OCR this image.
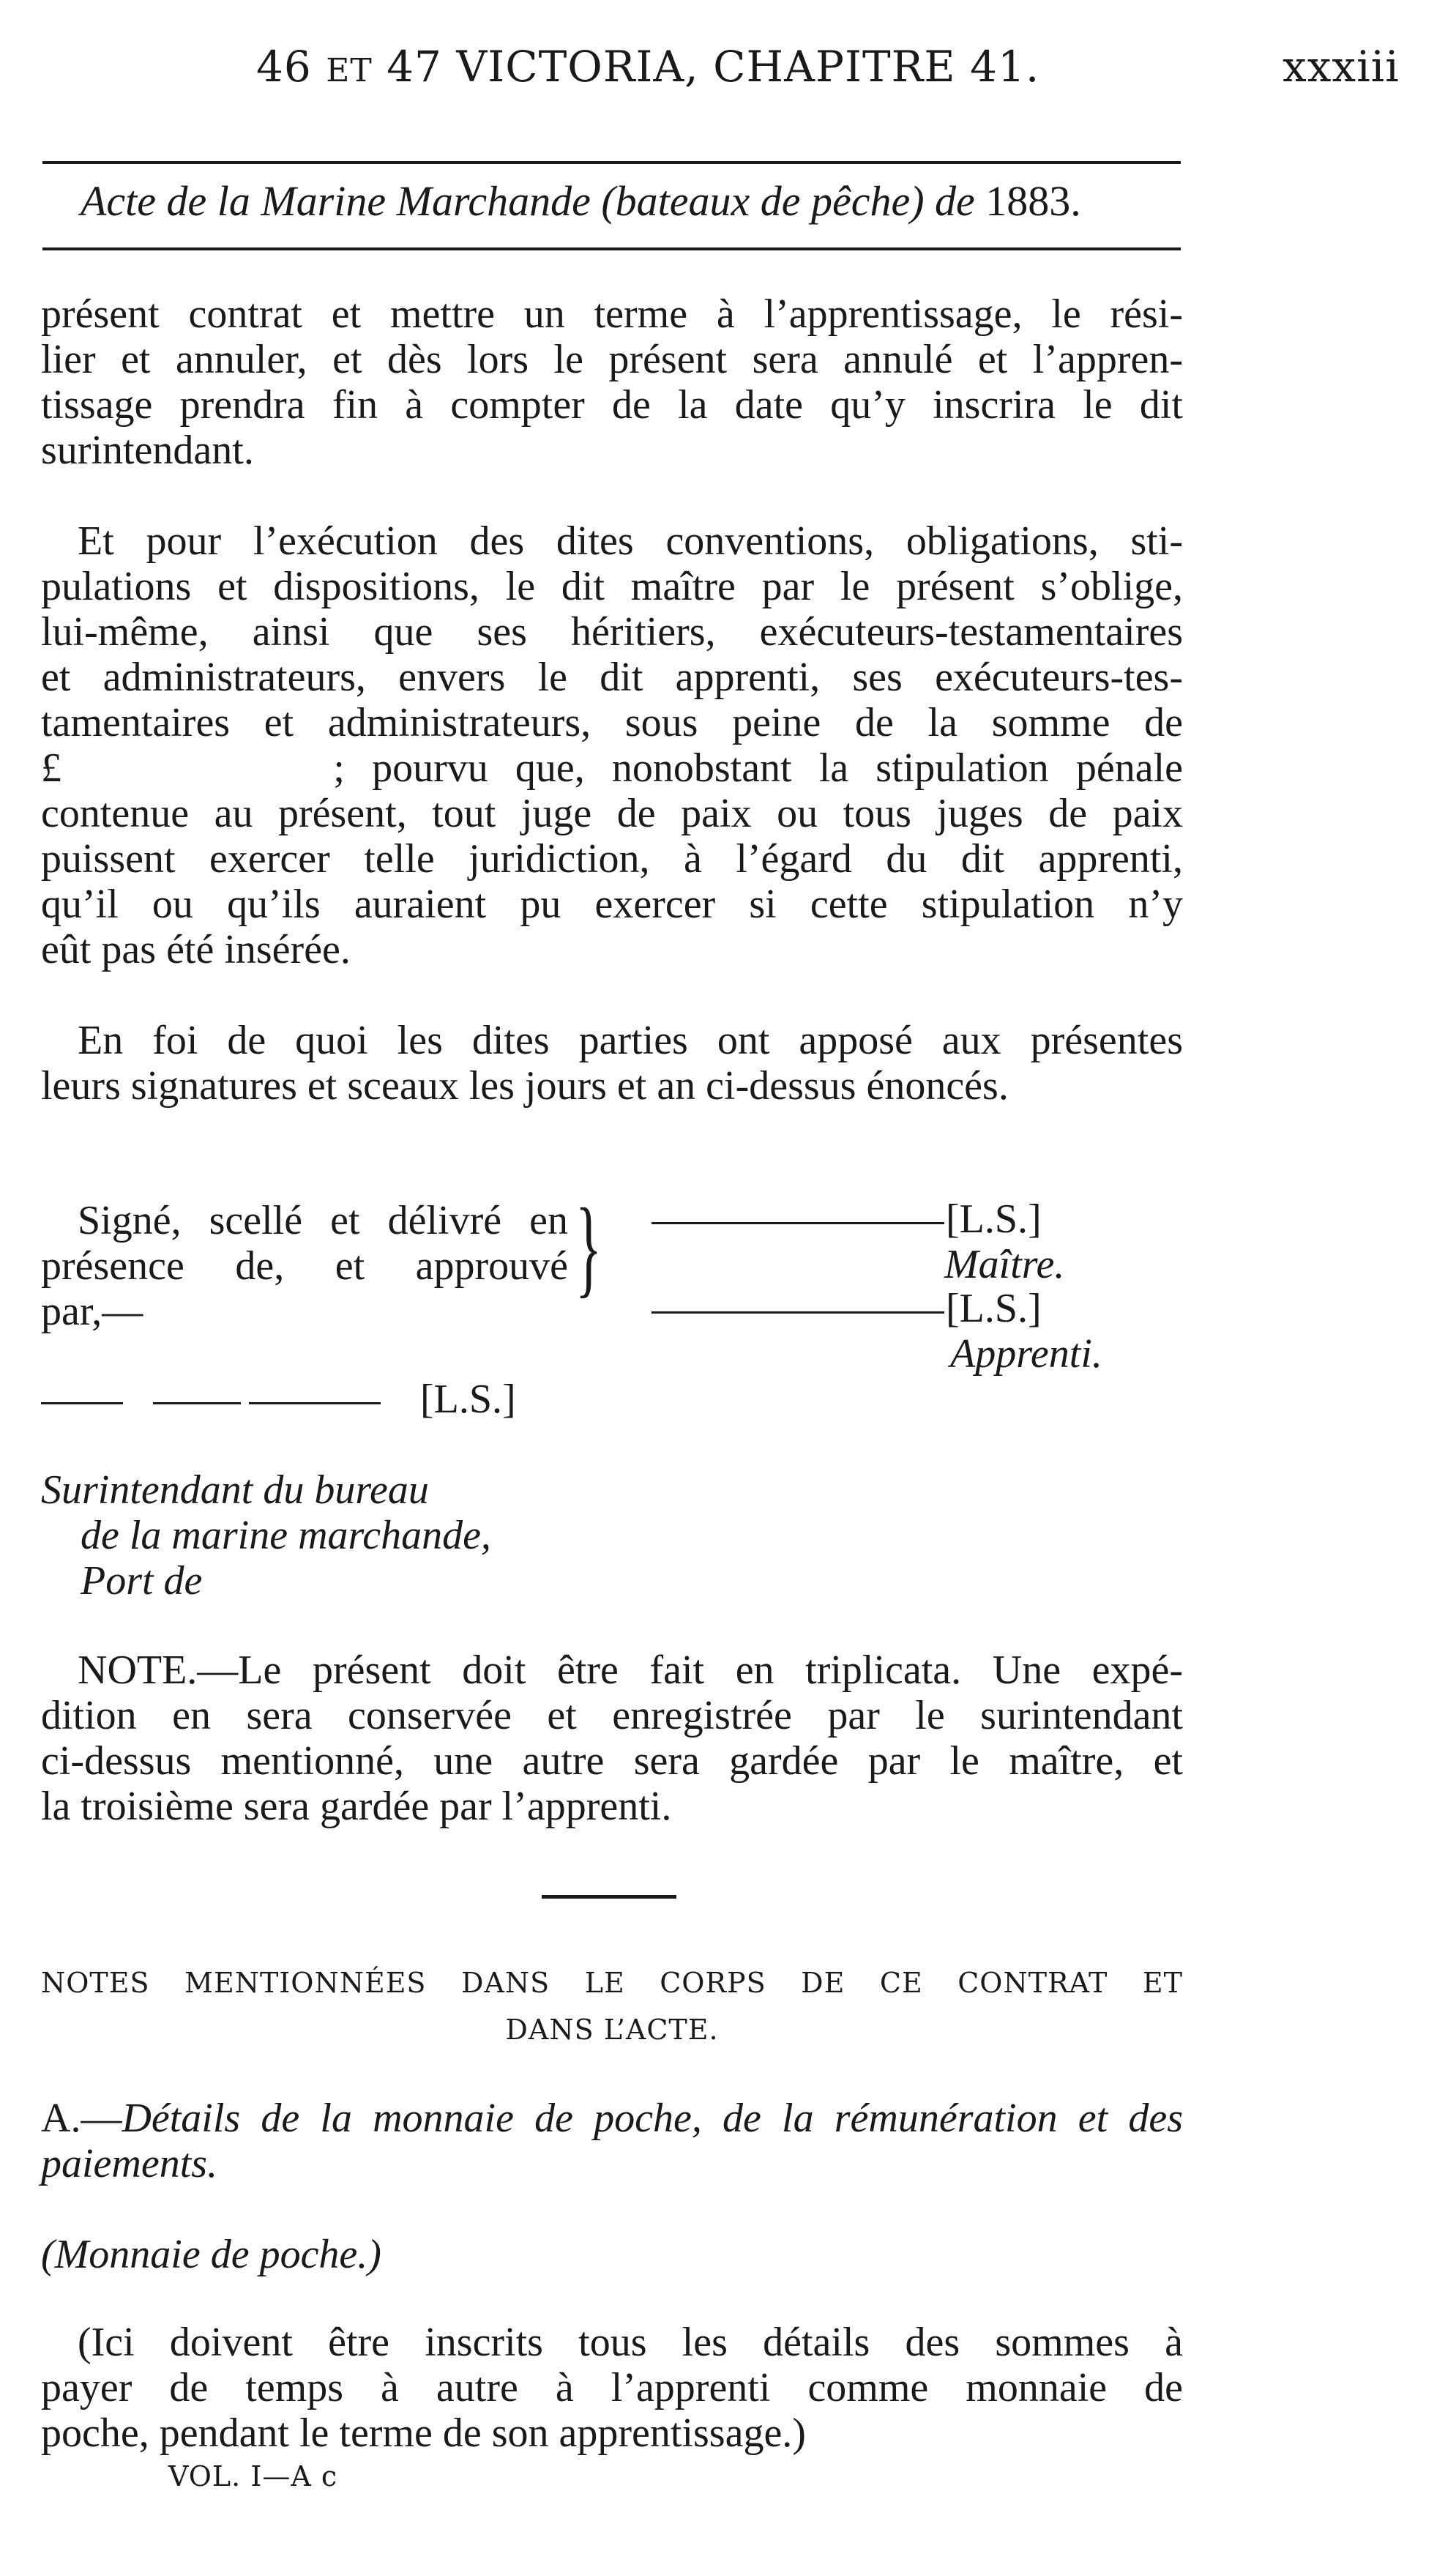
46 ET 47 VICTORIA, CHAPITRE 41.	xxxiii
Acte de la Marine Marchande (bateaux de pêche) de 1883.
présent contrat et mettre un terme à l’apprentissage, le rési-
lier et annuler, et dès lors le présent sera annulé et l’appren-
tissage prendra fin à compter de la date qu’y inscrira le dit
surintendant.
Et pour l’exécution des dites conventions, obligations, sti-
pulations et dispositions, le dit maître par le présent s’oblige,
lui-même, ainsi que ses héritiers, exécuteurs-testamentaires
et administrateurs, envers le dit apprenti, ses exécuteurs-tes-
tamentaires et administrateurs, sous peine de la somme de
£          ; pourvu que, nonobstant la stipulation pénale
contenue au présent, tout juge de paix ou tous juges de paix
puissent exercer telle juridiction, à l’égard du dit apprenti,
qu’il ou qu’ils auraient pu exercer si cette stipulation n’y
eût pas été insérée.
En foi de quoi les dites parties ont apposé aux présentes
leurs signatures et sceaux les jours et an ci-dessus énoncés.
Signé, scellé et délivré en
présence de, et approuvé
par,—
}	[L.S.]
Maître.
[L.S.]
Apprenti.

[L.S.]
Surintendant du bureau
de la marine marchande,
Port de
NOTE.—Le présent doit être fait en triplicata. Une expé-
dition en sera conservée et enregistrée par le surintendant
ci-dessus mentionné, une autre sera gardée par le maître, et
la troisième sera gardée par l’apprenti.
NOTES MENTIONNÉES DANS LE CORPS DE CE CONTRAT ET
DANS L’ACTE.
A.—Détails de la monnaie de poche, de la rémunération et des
paiements.
(Monnaie de poche.)
(Ici doivent être inscrits tous les détails des sommes à
payer de temps à autre à l’apprenti comme monnaie de
poche, pendant le terme de son apprentissage.)
VOL. I—A c
